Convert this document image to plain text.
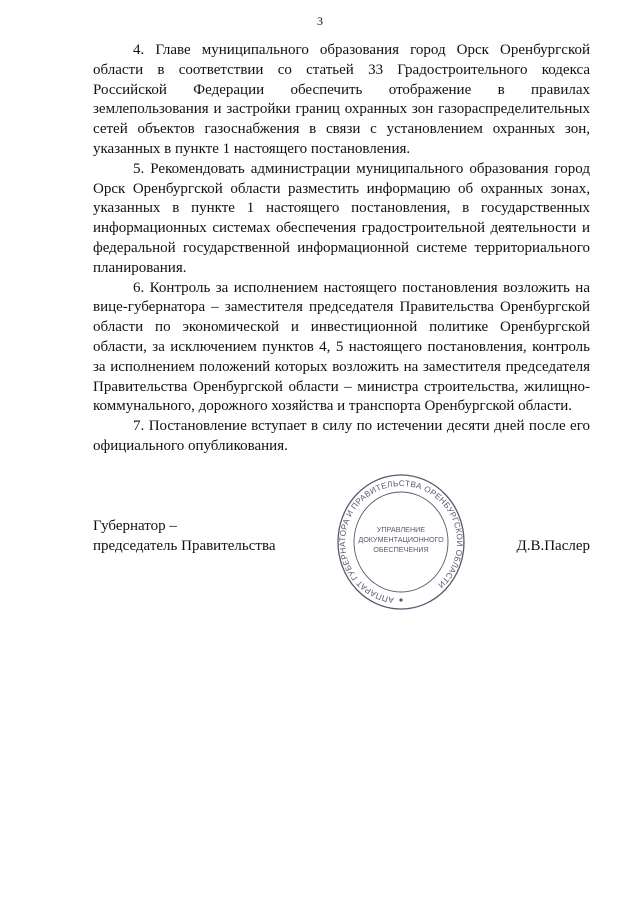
3

4. Главе муниципального образования город Орск Оренбургской области в соответствии со статьей 33 Градостроительного кодекса Российской Федерации обеспечить отображение в правилах землепользования и застройки границ охранных зон газораспределительных сетей объектов газоснабжения в связи с установлением охранных зон, указанных в пункте 1 настоящего постановления.

5. Рекомендовать администрации муниципального образования город Орск Оренбургской области разместить информацию об охранных зонах, указанных в пункте 1 настоящего постановления, в государственных информационных системах обеспечения градостроительной деятельности и федеральной государственной информационной системе территориального планирования.

6. Контроль за исполнением настоящего постановления возложить на вице-губернатора – заместителя председателя Правительства Оренбургской области по экономической и инвестиционной политике Оренбургской области, за исключением пунктов 4, 5 настоящего постановления, контроль за исполнением положений которых возложить на заместителя председателя Правительства Оренбургской области – министра строительства, жилищно-коммунального, дорожного хозяйства и транспорта Оренбургской области.

7. Постановление вступает в силу по истечении десяти дней после его официального опубликования.

Губернатор –
председатель Правительства	Д.В.Паслер
АППАРАТ ГУБЕРНАТОРА И ПРАВИТЕЛЬСТВА ОРЕНБУРГСКОЙ ОБЛАСТИ
УПРАВЛЕНИЕ
ДОКУМЕНТАЦИОННОГО
ОБЕСПЕЧЕНИЯ
